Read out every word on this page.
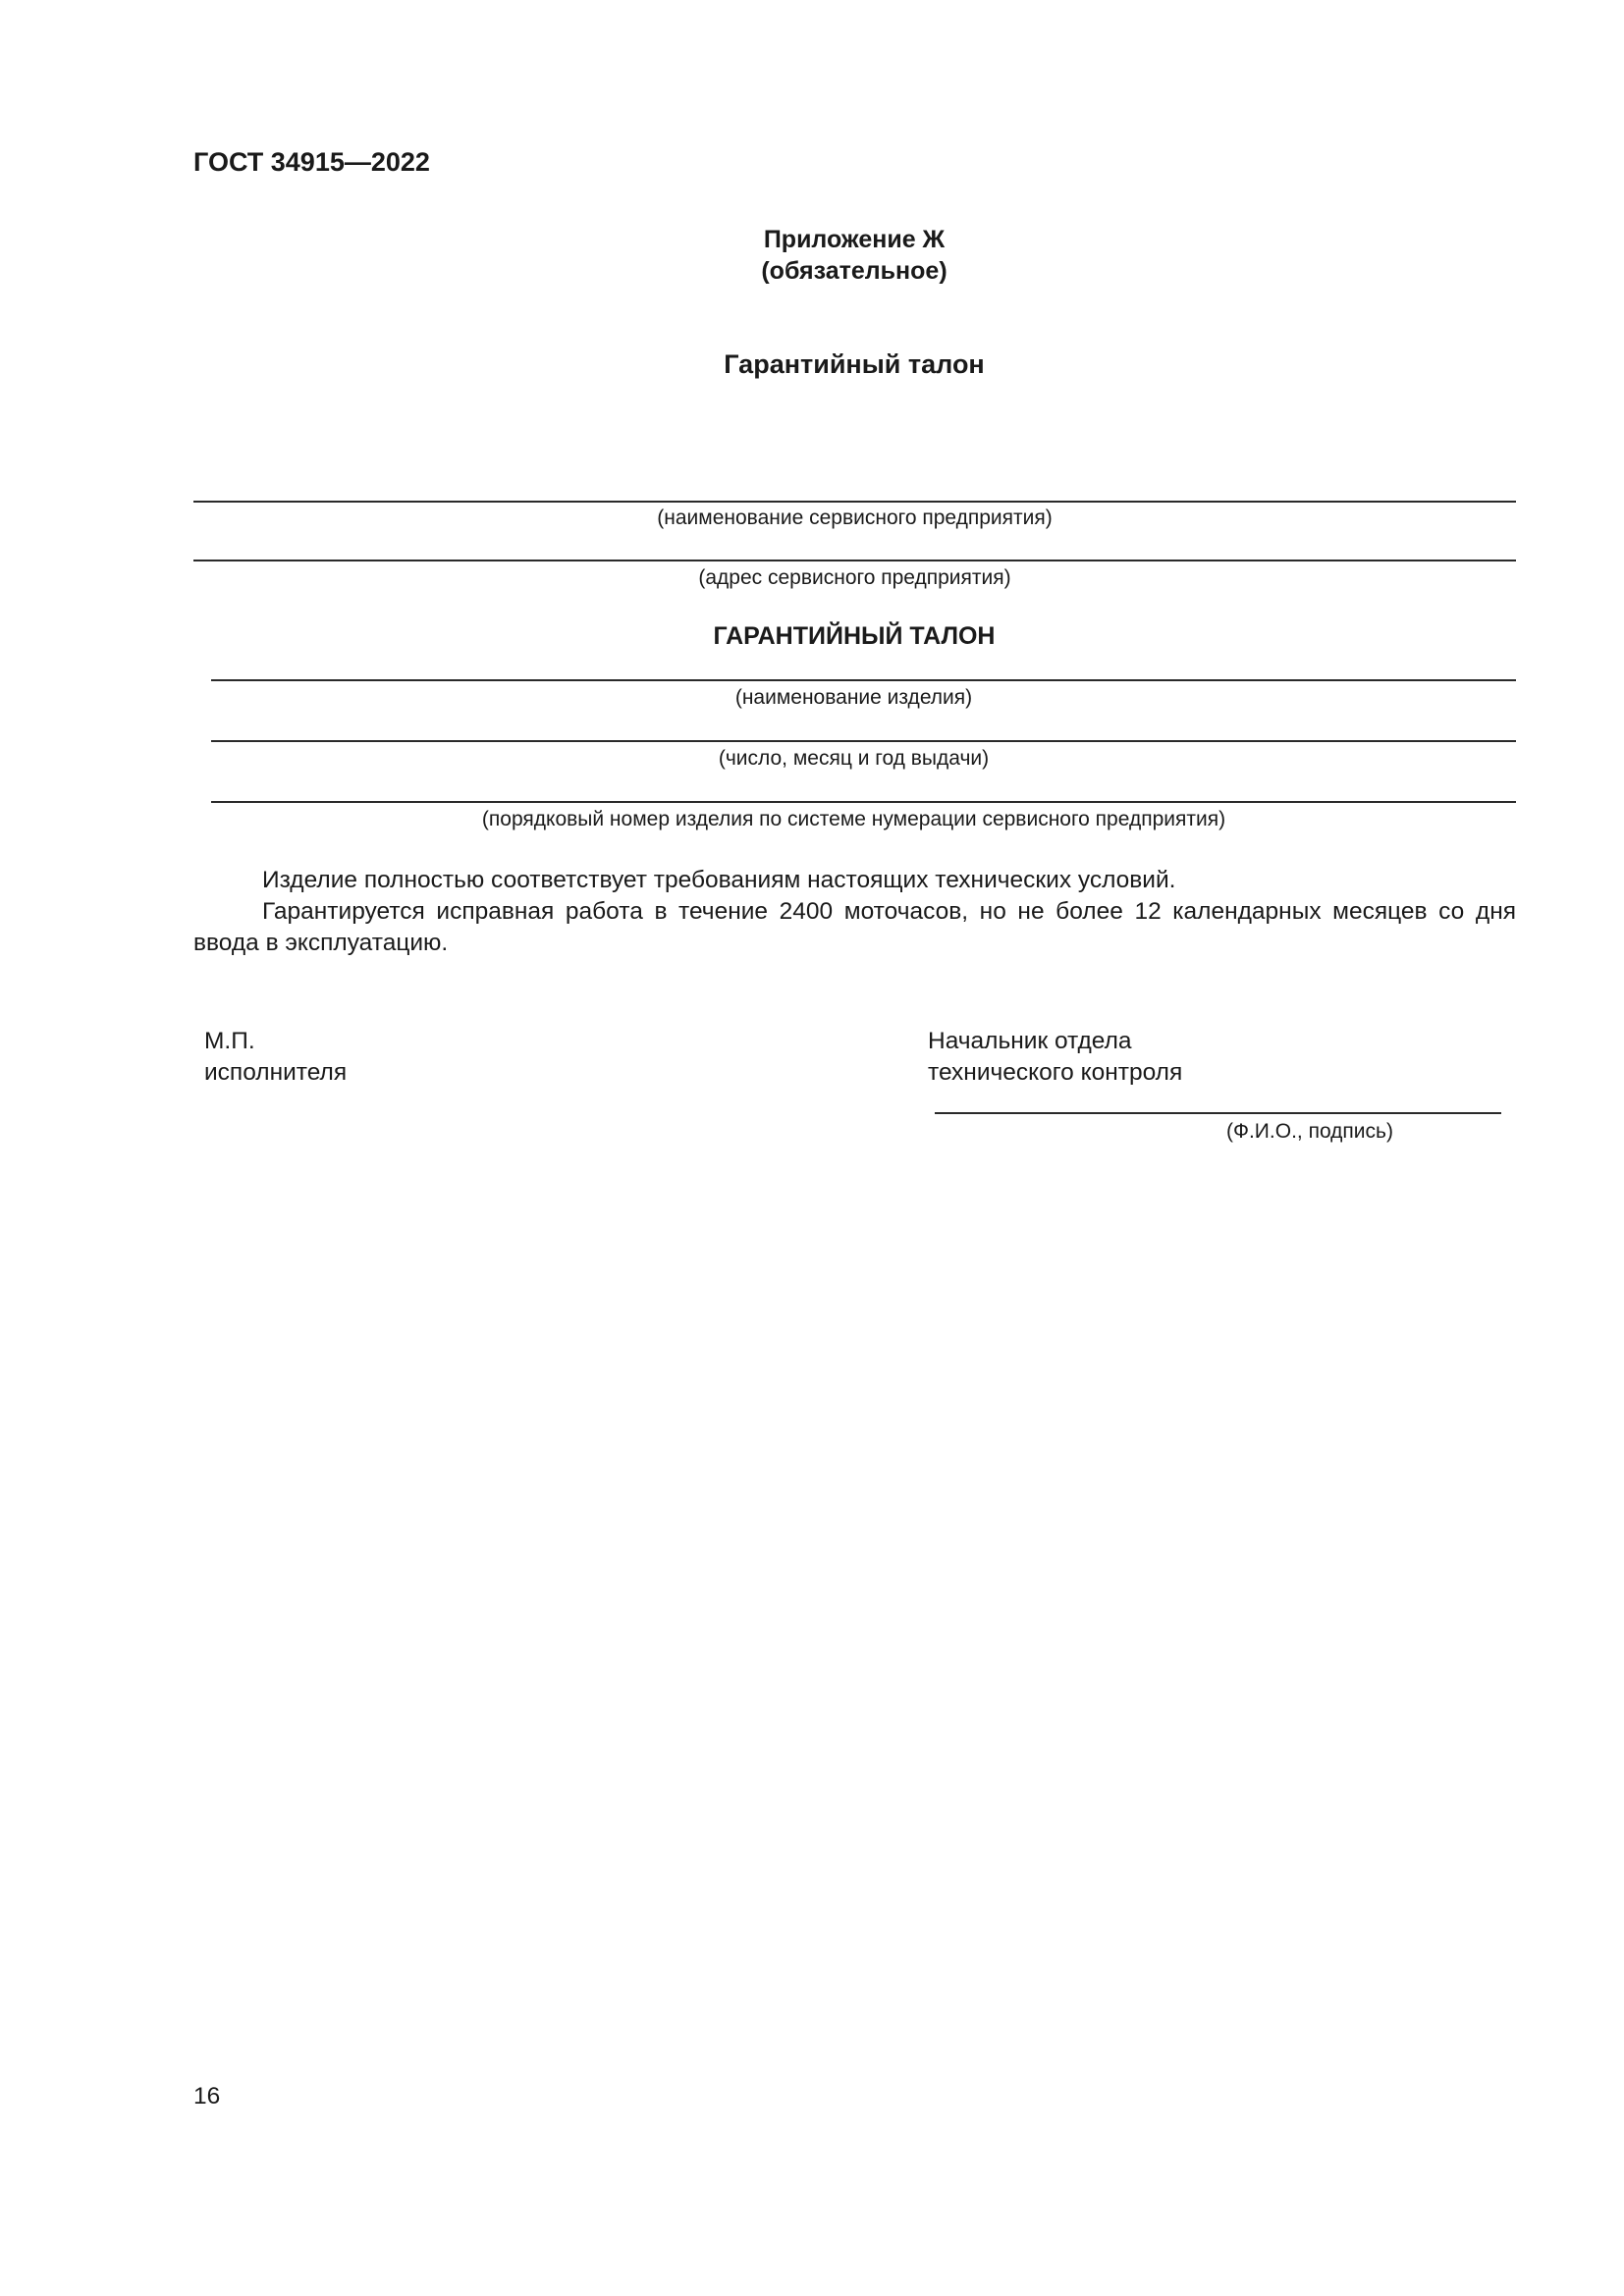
ГОСТ 34915—2022
Приложение Ж
(обязательное)
Гарантийный талон
(наименование сервисного предприятия)
(адрес сервисного предприятия)
ГАРАНТИЙНЫЙ ТАЛОН
(наименование изделия)
(число, месяц и год выдачи)
(порядковый номер изделия по системе нумерации сервисного предприятия)
Изделие полностью соответствует требованиям настоящих технических условий.
Гарантируется исправная работа в течение 2400 моточасов, но не более 12 календарных месяцев со дня ввода в эксплуатацию.
М.П.
исполнителя
Начальник отдела
технического контроля
(Ф.И.О., подпись)
16
